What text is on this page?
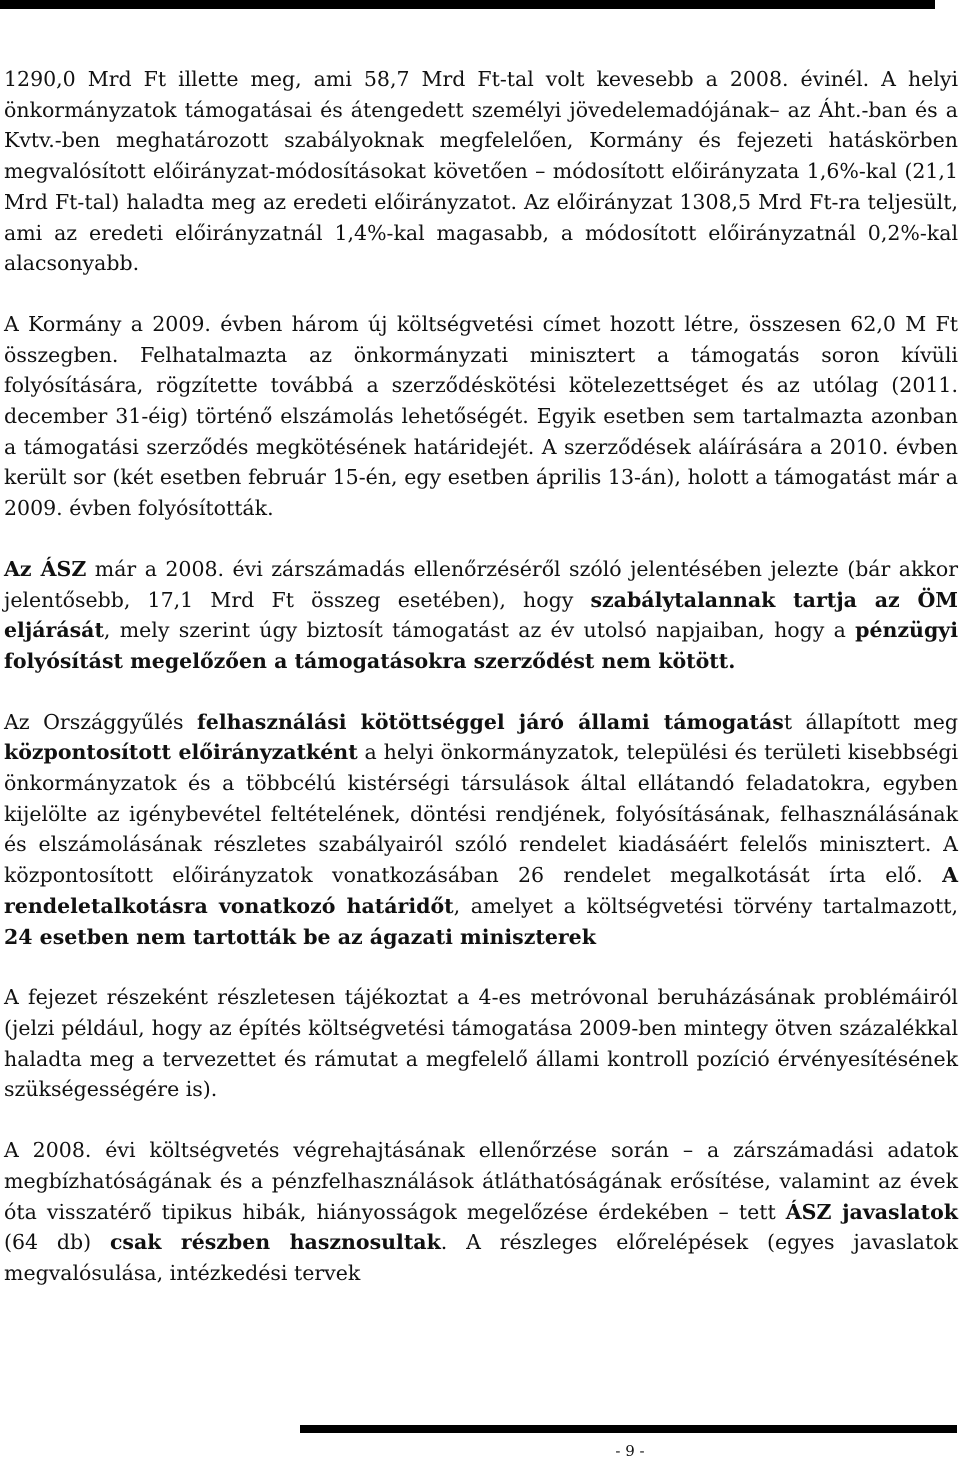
1290,0 Mrd Ft illette meg, ami 58,7 Mrd Ft-tal volt kevesebb a 2008. évinél. A helyi önkormányzatok támogatásai és átengedett személyi jövedelemadójának– az Áht.-ban és a Kvtv.-ben meghatározott szabályoknak megfelelően, Kormány és fejezeti hatáskörben megvalósított előirányzat-módosításokat követően – módosított előirányzata 1,6%-kal (21,1 Mrd Ft-tal) haladta meg az eredeti előirányzatot. Az előirányzat 1308,5 Mrd Ft-ra teljesült, ami az eredeti előirányzatnál 1,4%-kal magasabb, a módosított előirányzatnál 0,2%-kal alacsonyabb.

A Kormány a 2009. évben három új költségvetési címet hozott létre, összesen 62,0 M Ft összegben. Felhatalmazta az önkormányzati minisztert a támogatás soron kívüli folyósítására, rögzítette továbbá a szerződéskötési kötelezettséget és az utólag (2011. december 31-éig) történő elszámolás lehetőségét. Egyik esetben sem tartalmazta azonban a támogatási szerződés megkötésének határidejét. A szerződések aláírására a 2010. évben került sor (két esetben február 15-én, egy esetben április 13-án), holott a támogatást már a 2009. évben folyósították.

Az ÁSZ már a 2008. évi zárszámadás ellenőrzéséről szóló jelentésében jelezte (bár akkor jelentősebb, 17,1 Mrd Ft összeg esetében), hogy szabálytalannak tartja az ÖM eljárását, mely szerint úgy biztosít támogatást az év utolsó napjaiban, hogy a pénzügyi folyósítást megelőzően a támogatásokra szerződést nem kötött.

Az Országgyűlés felhasználási kötöttséggel járó állami támogatást állapított meg központosított előirányzatként a helyi önkormányzatok, települési és területi kisebbségi önkormányzatok és a többcélú kistérségi társulások által ellátandó feladatokra, egyben kijelölte az igénybevétel feltételének, döntési rendjének, folyósításának, felhasználásának és elszámolásának részletes szabályairól szóló rendelet kiadásáért felelős minisztert. A központosított előirányzatok vonatkozásában 26 rendelet megalkotását írta elő. A rendeletalkotásra vonatkozó határidőt, amelyet a költségvetési törvény tartalmazott, 24 esetben nem tartották be az ágazati miniszterek

A fejezet részeként részletesen tájékoztat a 4-es metróvonal beruházásának problémáiról (jelzi például, hogy az építés költségvetési támogatása 2009-ben mintegy ötven százalékkal haladta meg a tervezettet és rámutat a megfelelő állami kontroll pozíció érvényesítésének szükségességére is).

A 2008. évi költségvetés végrehajtásának ellenőrzése során – a zárszámadási adatok megbízhatóságának és a pénzfelhasználások átláthatóságának erősítése, valamint az évek óta visszatérő tipikus hibák, hiányosságok megelőzése érdekében – tett ÁSZ javaslatok (64 db) csak részben hasznosultak. A részleges előrelépések (egyes javaslatok megvalósulása, intézkedési tervek

- 9 -
